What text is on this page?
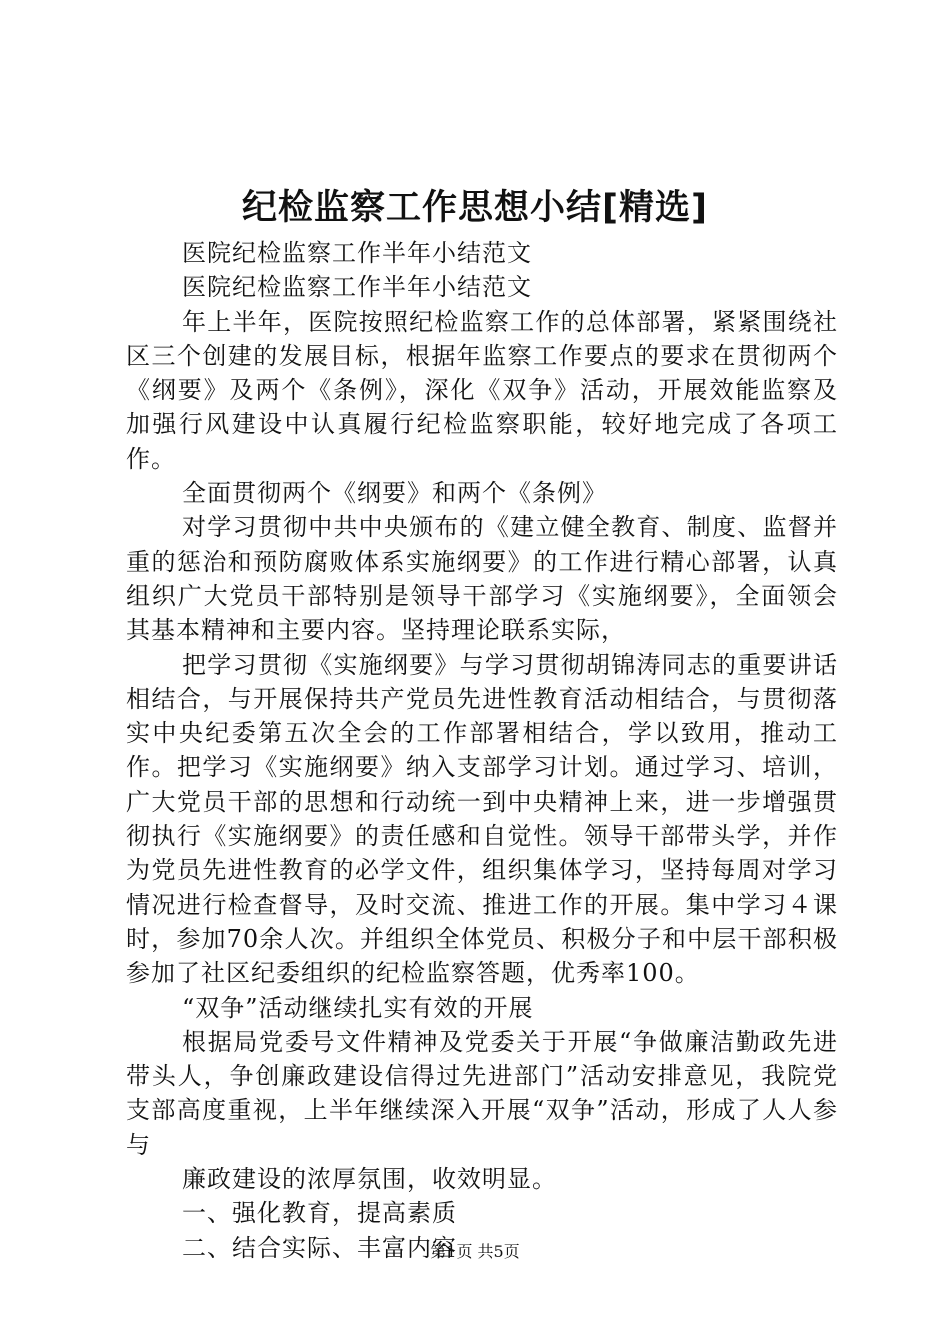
纪检监察工作思想小结[精选]

医院纪检监察工作半年小结范文

医院纪检监察工作半年小结范文

年上半年，医院按照纪检监察工作的总体部署，紧紧围绕社区三个创建的发展目标，根据年监察工作要点的要求在贯彻两个《纲要》及两个《条例》，深化《双争》活动，开展效能监察及加强行风建设中认真履行纪检监察职能，较好地完成了各项工作。

全面贯彻两个《纲要》和两个《条例》

对学习贯彻中共中央颁布的《建立健全教育、制度、监督并重的惩治和预防腐败体系实施纲要》的工作进行精心部署，认真组织广大党员干部特别是领导干部学习《实施纲要》，全面领会其基本精神和主要内容。坚持理论联系实际，

把学习贯彻《实施纲要》与学习贯彻胡锦涛同志的重要讲话相结合，与开展保持共产党员先进性教育活动相结合，与贯彻落实中央纪委第五次全会的工作部署相结合，学以致用，推动工作。把学习《实施纲要》纳入支部学习计划。通过学习、培训，广大党员干部的思想和行动统一到中央精神上来，进一步增强贯彻执行《实施纲要》的责任感和自觉性。领导干部带头学，并作为党员先进性教育的必学文件，组织集体学习，坚持每周对学习情况进行检查督导，及时交流、推进工作的开展。集中学习４课时，参加70余人次。并组织全体党员、积极分子和中层干部积极参加了社区纪委组织的纪检监察答题，优秀率100。

“双争”活动继续扎实有效的开展

根据局党委号文件精神及党委关于开展“争做廉洁勤政先进带头人，争创廉政建设信得过先进部门”活动安排意见，我院党支部高度重视，上半年继续深入开展“双争”活动，形成了人人参与

廉政建设的浓厚氛围，收效明显。

一、强化教育，提高素质

二、结合实际、丰富内容

第1页 共5页
